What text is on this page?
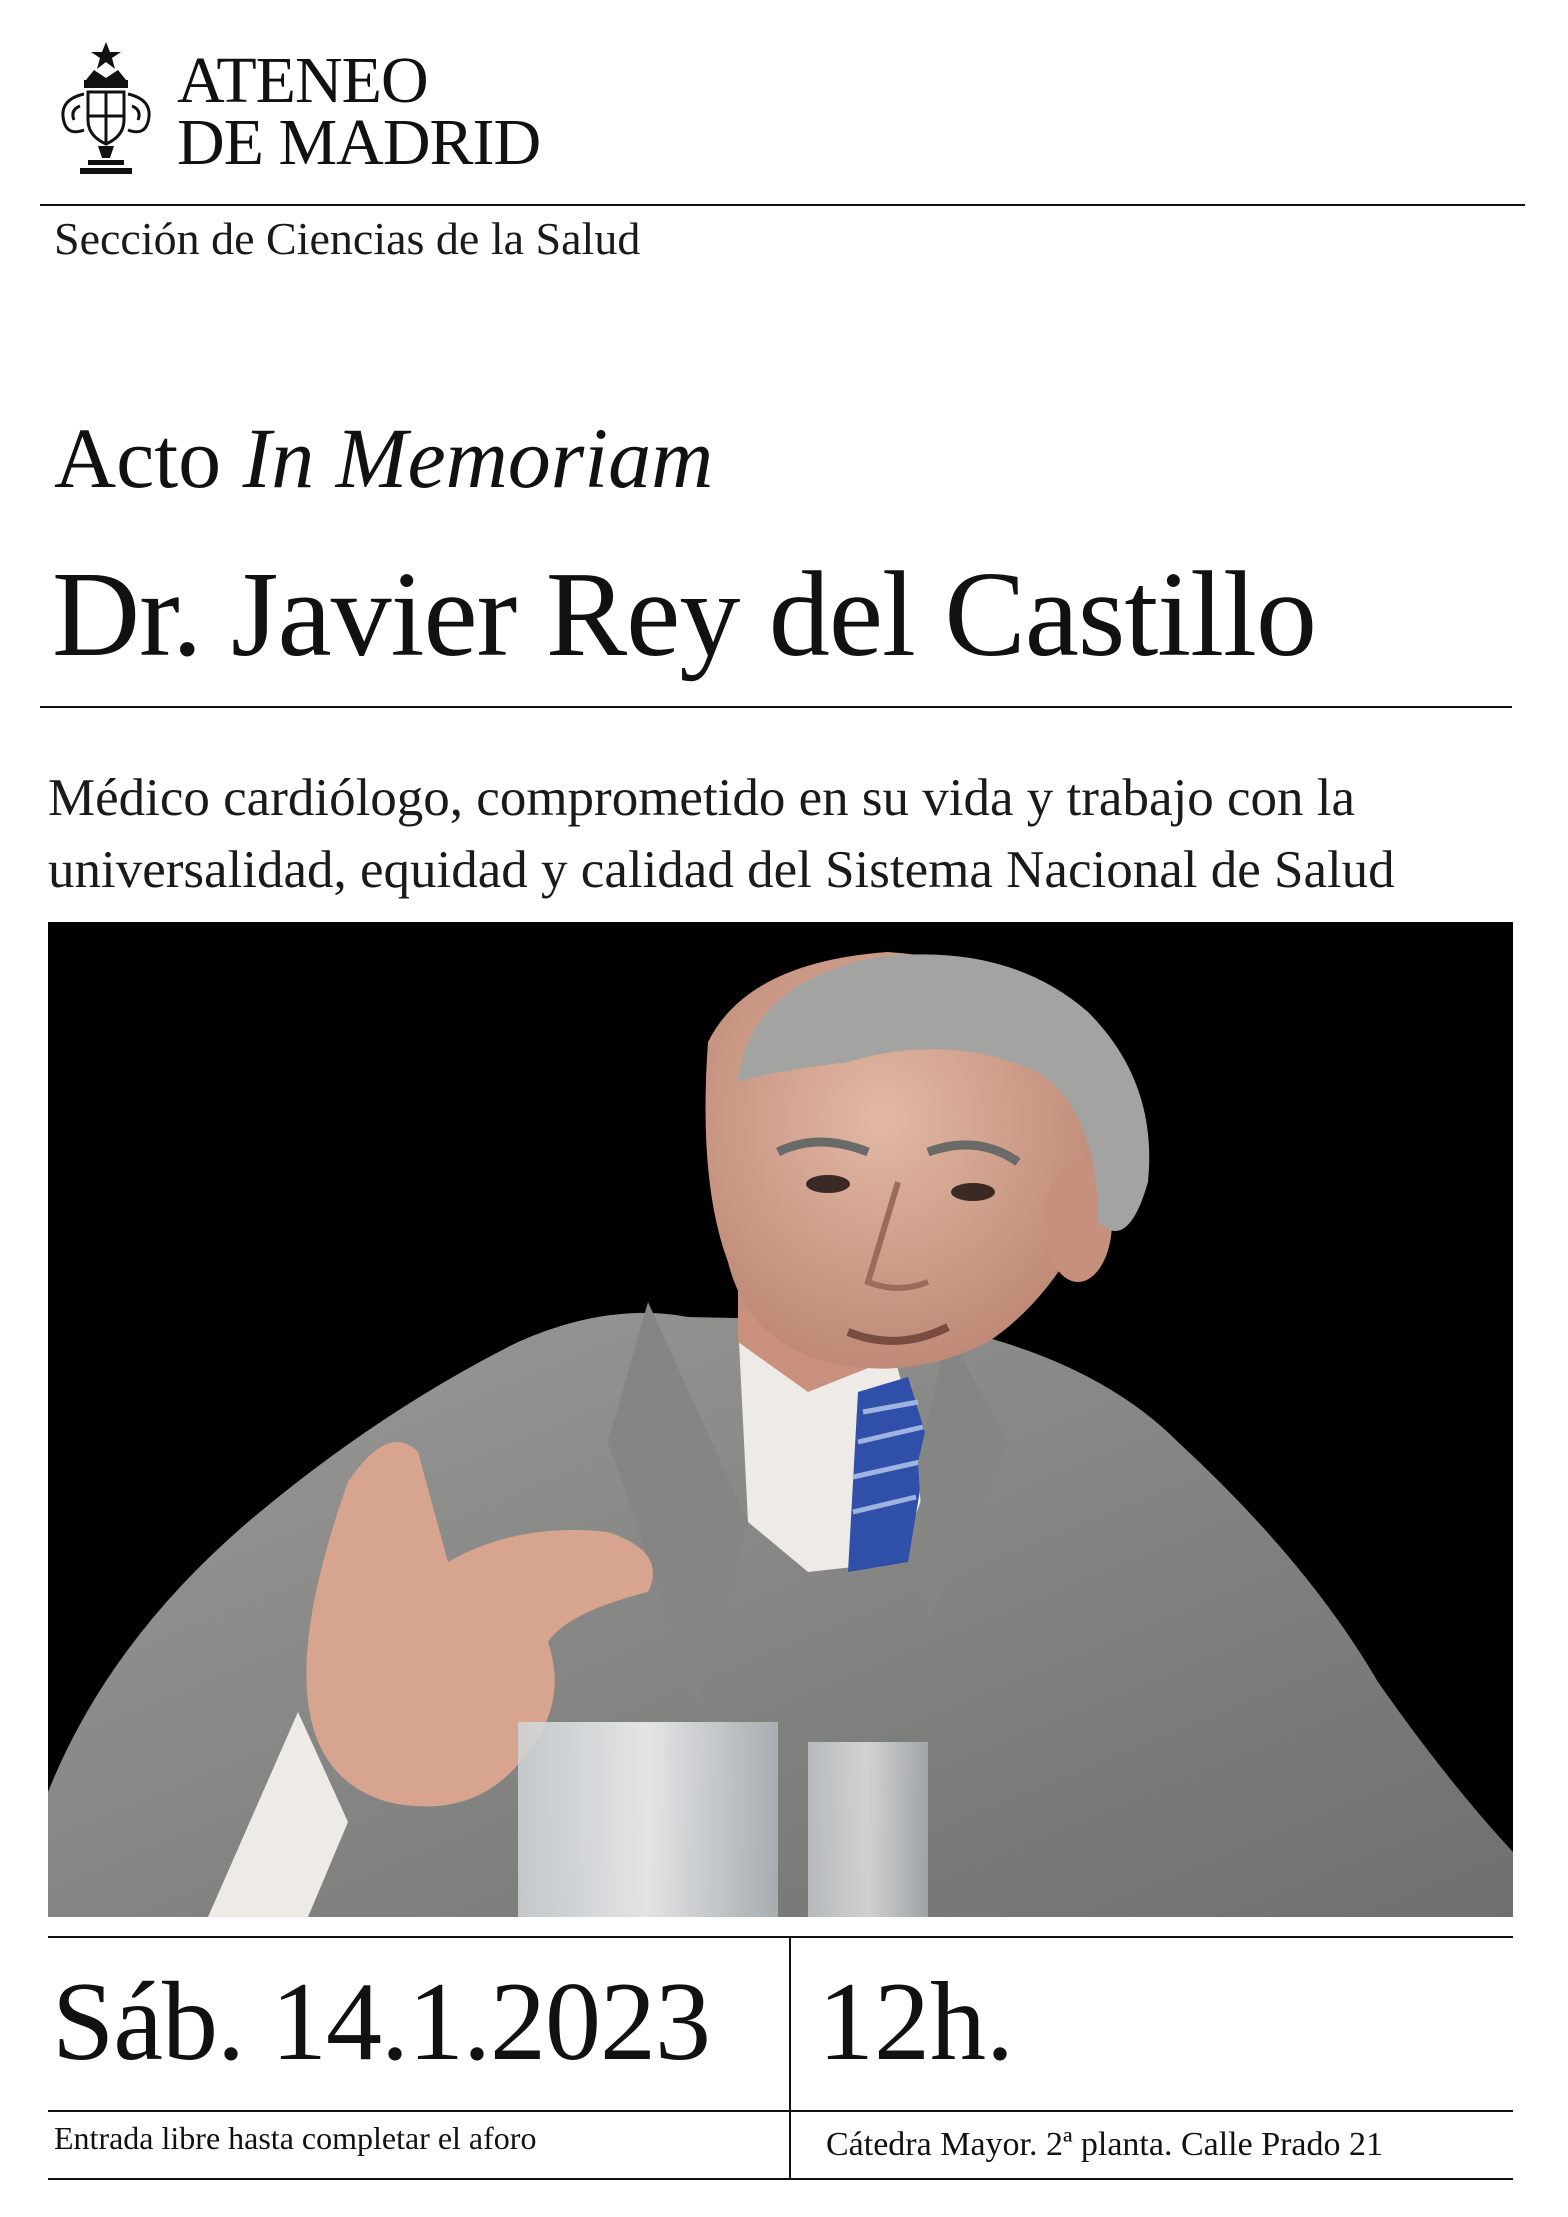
ATENEO
DE MADRID
Sección de Ciencias de la Salud
Acto In Memoriam
Dr. Javier Rey del Castillo
Médico cardiólogo, comprometido en su vida y trabajo con la
universalidad, equidad y calidad del Sistema Nacional de Salud
Sáb. 14.1.2023 12h.
Entrada libre hasta completar el aforo	Cátedra Mayor. 2ª planta. Calle Prado 21
